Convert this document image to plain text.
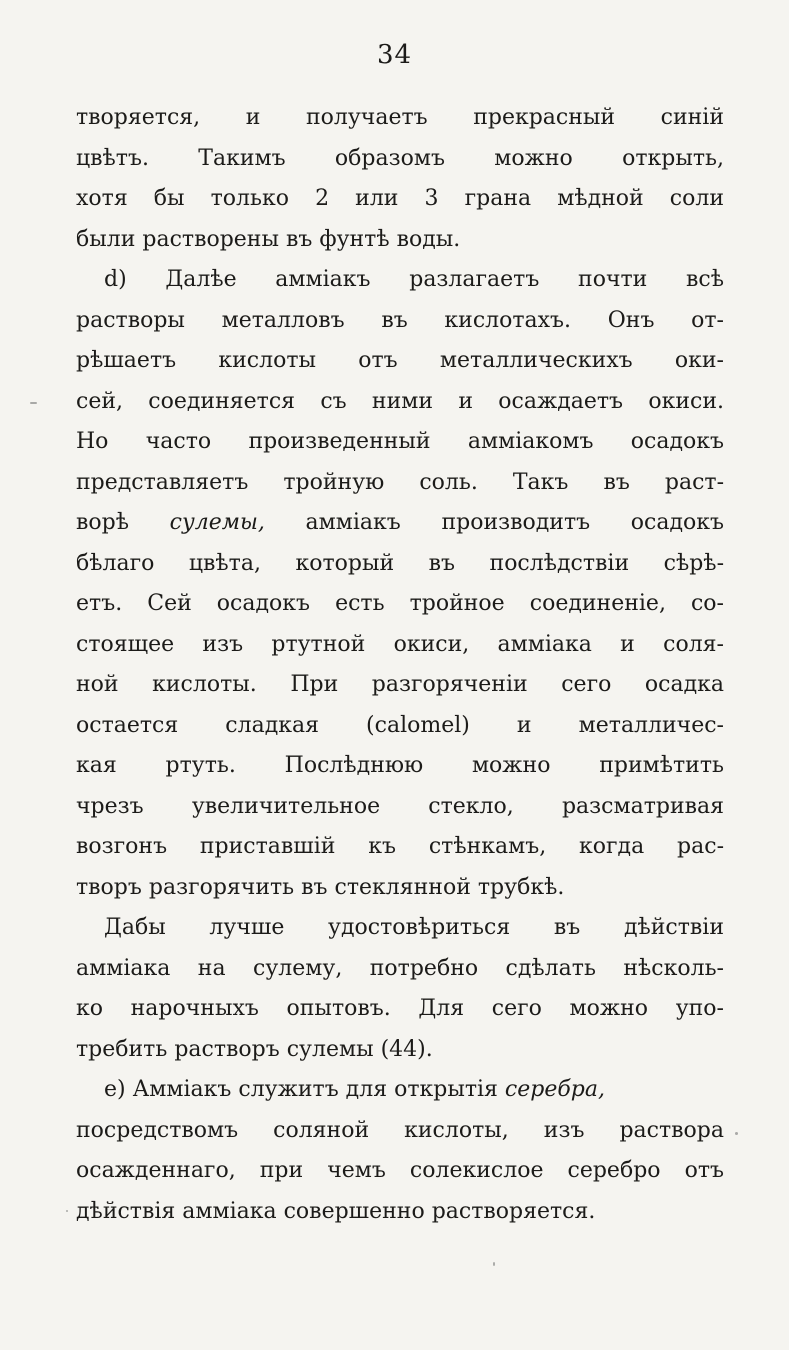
34
творяется, и получаетъ прекрасный синій
цвѣтъ. Такимъ образомъ можно открыть,
хотя бы только 2 или 3 грана мѣдной соли
были растворены въ фунтѣ воды.
d) Далѣе амміакъ разлагаетъ почти всѣ
растворы металловъ въ кислотахъ. Онъ от-
рѣшаетъ кислоты отъ металлическихъ оки-
сей, соединяется съ ними и осаждаетъ окиси.
Но часто произведенный амміакомъ осадокъ
представляетъ тройную соль. Такъ въ раст-
ворѣ сулемы, амміакъ производитъ осадокъ
бѣлаго цвѣта, который въ послѣдствіи сѣрѣ-
етъ. Сей осадокъ есть тройное соединеніе, со-
стоящее изъ ртутной окиси, амміака и соля-
ной кислоты. При разгоряченіи сего осадка
остается сладкая (calomel) и металличес-
кая ртуть. Послѣднюю можно примѣтить
чрезъ увеличительное стекло, разсматривая
возгонъ приставшій къ стѣнкамъ, когда рас-
творъ разгорячить въ стеклянной трубкѣ.
Дабы лучше удостовѣриться въ дѣйствіи
амміака на сулему, потребно сдѣлать нѣсколь-
ко нарочныхъ опытовъ. Для сего можно упо-
требить растворъ сулемы (44).
e) Амміакъ служитъ для открытія серебра,
посредствомъ соляной кислоты, изъ раствора
осажденнаго, при чемъ солекислое серебро отъ
дѣйствія амміака совершенно растворяется.
